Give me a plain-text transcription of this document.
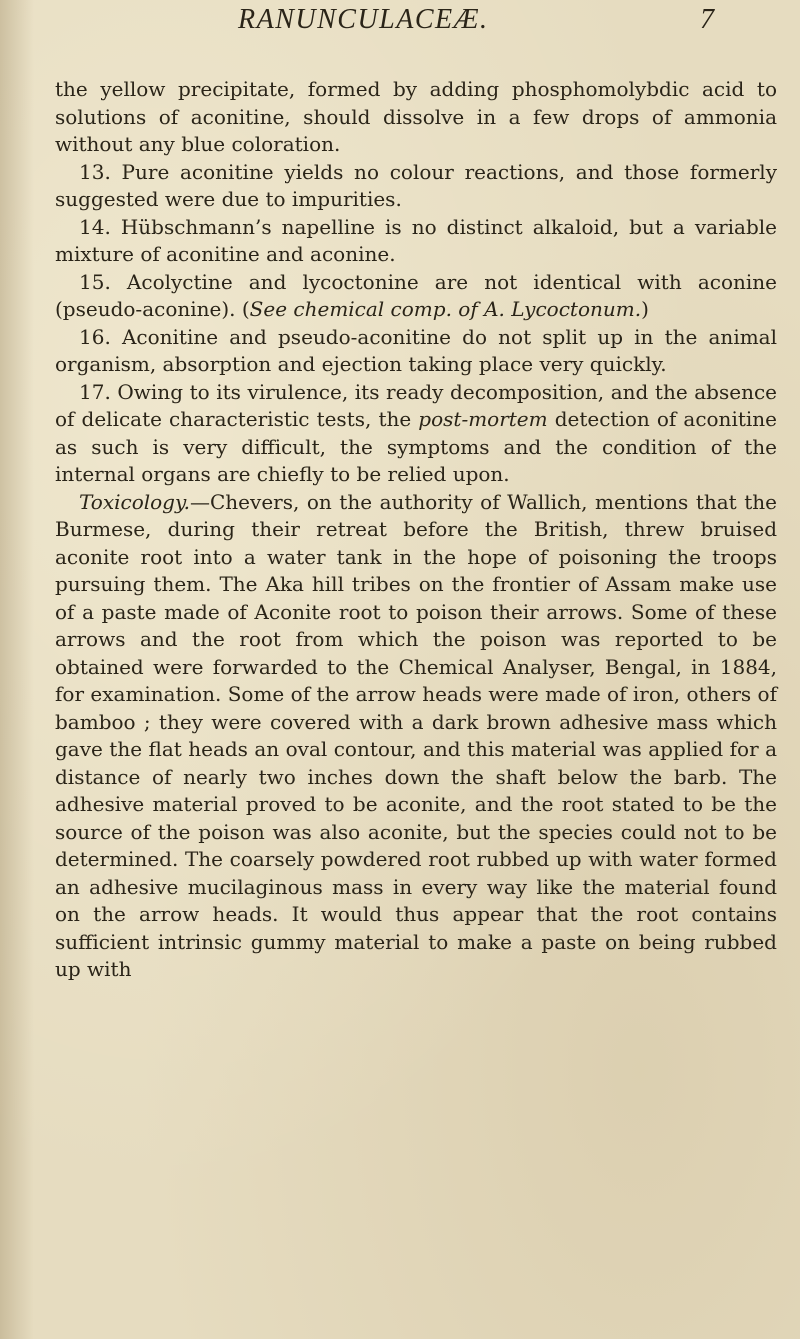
RANUNCULACEÆ.	7

the yellow precipitate, formed by adding phosphomolybdic acid to solutions of aconitine, should dissolve in a few drops of ammonia without any blue coloration.

13. Pure aconitine yields no colour reactions, and those formerly suggested were due to impurities.

14. Hübschmann’s napelline is no distinct alkaloid, but a variable mixture of aconitine and aconine.

15. Acolyctine and lycoctonine are not identical with aconine (pseudo-aconine). (See chemical comp. of A. Lycoctonum.)

16. Aconitine and pseudo-aconitine do not split up in the animal organism, absorption and ejection taking place very quickly.

17. Owing to its virulence, its ready decomposition, and the absence of delicate characteristic tests, the post-mortem detection of aconitine as such is very difficult, the symptoms and the condition of the internal organs are chiefly to be relied upon.

Toxicology.—Chevers, on the authority of Wallich, mentions that the Burmese, during their retreat before the British, threw bruised aconite root into a water tank in the hope of poisoning the troops pursuing them. The Aka hill tribes on the frontier of Assam make use of a paste made of Aconite root to poison their arrows. Some of these arrows and the root from which the poison was reported to be obtained were forwarded to the Chemical Analyser, Bengal, in 1884, for examination. Some of the arrow heads were made of iron, others of bamboo ; they were covered with a dark brown adhesive mass which gave the flat heads an oval contour, and this material was applied for a distance of nearly two inches down the shaft below the barb. The adhesive material proved to be aconite, and the root stated to be the source of the poison was also aconite, but the species could not to be determined. The coarsely powdered root rubbed up with water formed an adhesive mucilaginous mass in every way like the material found on the arrow heads. It would thus appear that the root contains sufficient intrinsic gummy material to make a paste on being rubbed up with
